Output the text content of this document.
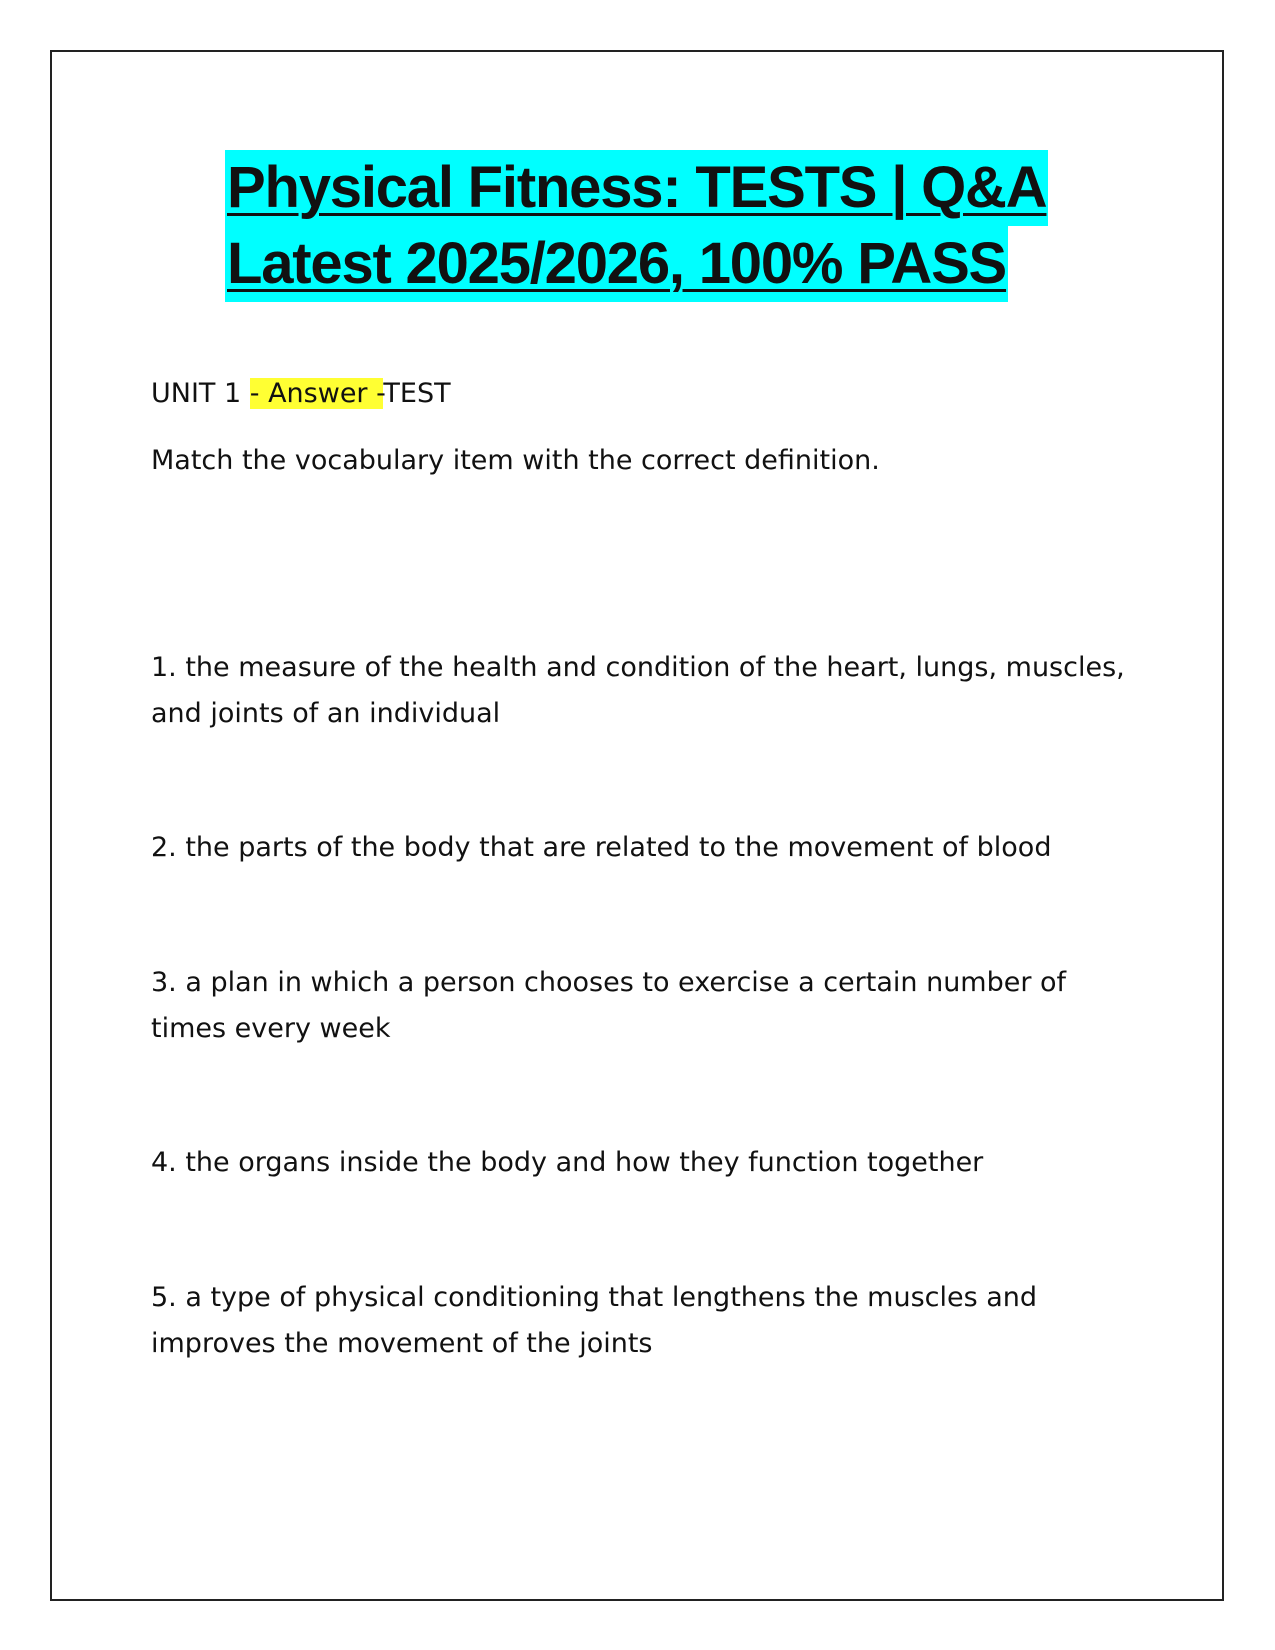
Physical Fitness: TESTS | Q&A
Latest 2025/2026, 100% PASS
UNIT 1 - Answer -TEST
Match the vocabulary item with the correct definition.
1. the measure of the health and condition of the heart, lungs, muscles, and joints of an individual
2. the parts of the body that are related to the movement of blood
3. a plan in which a person chooses to exercise a certain number of times every week
4. the organs inside the body and how they function together
5. a type of physical conditioning that lengthens the muscles and improves the movement of the joints
